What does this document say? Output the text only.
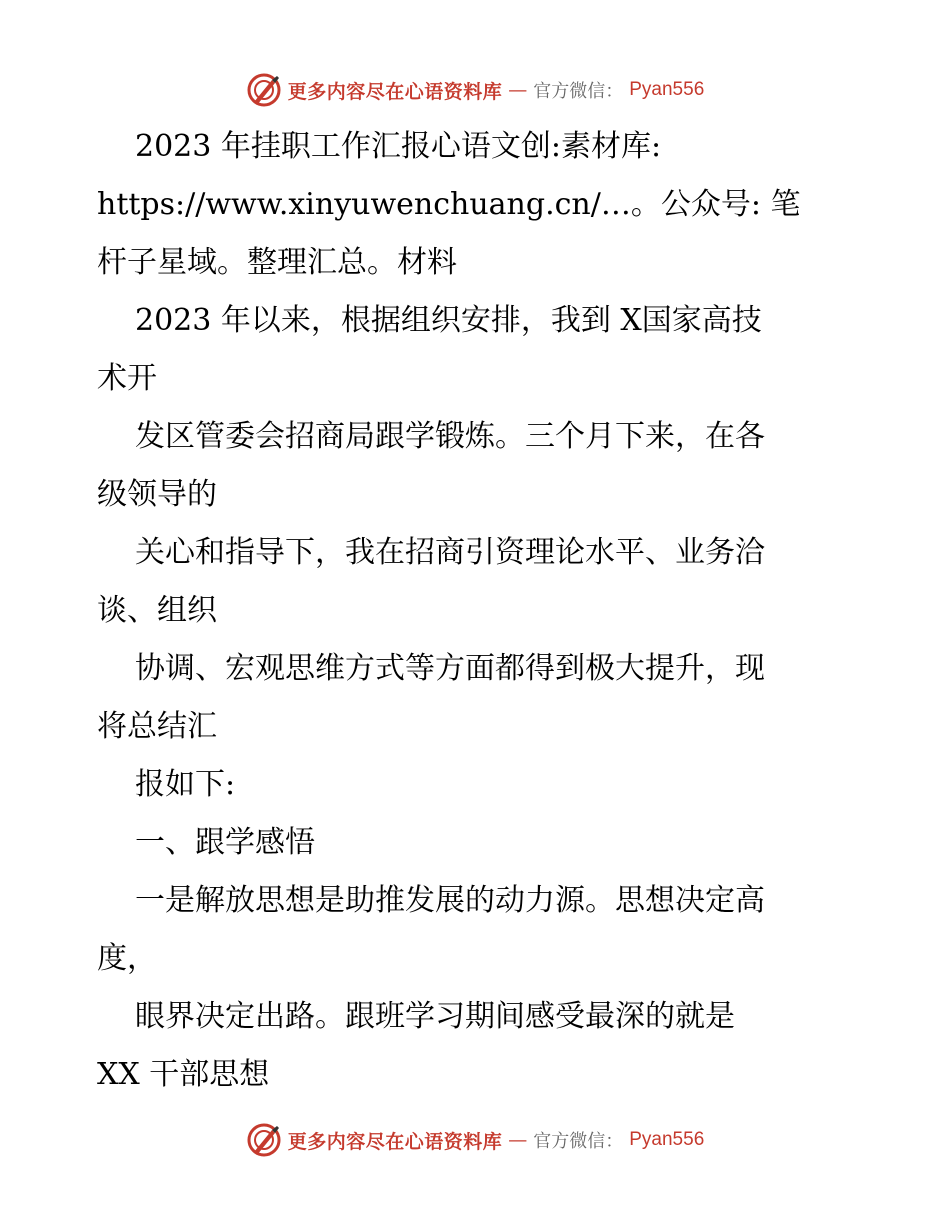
更多内容尽在心语资料库 — 官方微信： Pyan556
2023 年挂职工作汇报心语文创:素材库:
https://www.xinyuwenchuang.cn/…。公众号: 笔
杆子星域。整理汇总。材料
2023 年以来，根据组织安排，我到 X国家高技
术开
发区管委会招商局跟学锻炼。三个月下来，在各
级领导的
关心和指导下，我在招商引资理论水平、业务洽
谈、组织
协调、宏观思维方式等方面都得到极大提升，现
将总结汇
报如下:
一、跟学感悟
一是解放思想是助推发展的动力源。思想决定高
度，
眼界决定出路。跟班学习期间感受最深的就是
XX 干部思想
更多内容尽在心语资料库 — 官方微信： Pyan556
